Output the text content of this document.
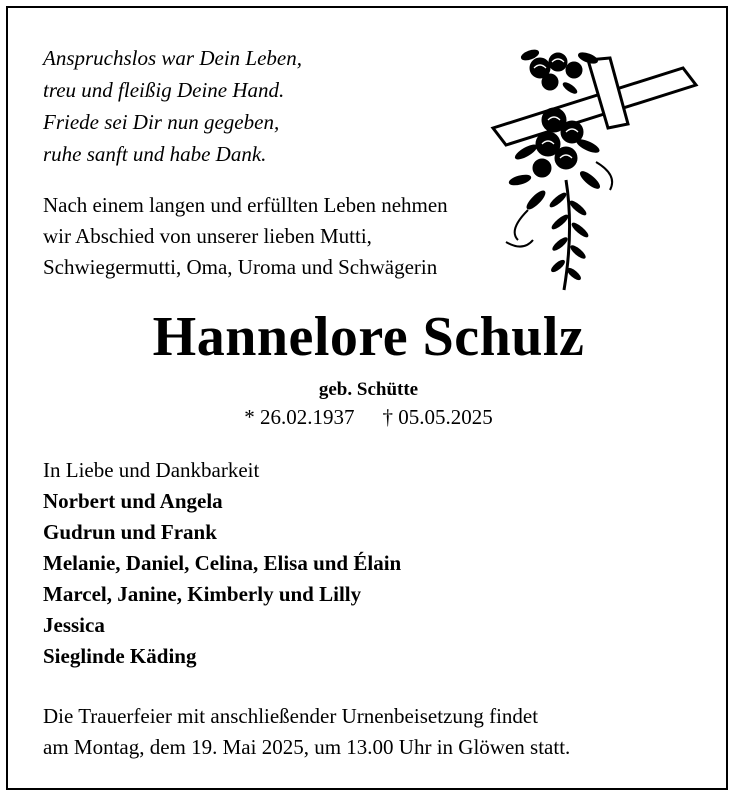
Anspruchslos war Dein Leben,
treu und fleißig Deine Hand.
Friede sei Dir nun gegeben,
ruhe sanft und habe Dank.
Nach einem langen und erfüllten Leben nehmen
wir Abschied von unserer lieben Mutti,
Schwiegermutti, Oma, Uroma und Schwägerin
Hannelore Schulz
geb. Schütte
* 26.02.1937 † 05.05.2025
In Liebe und Dankbarkeit
Norbert und Angela
Gudrun und Frank
Melanie, Daniel, Celina, Elisa und Élain
Marcel, Janine, Kimberly und Lilly
Jessica
Sieglinde Käding
Die Trauerfeier mit anschließender Urnenbeisetzung findet
am Montag, dem 19. Mai 2025, um 13.00 Uhr in Glöwen statt.
